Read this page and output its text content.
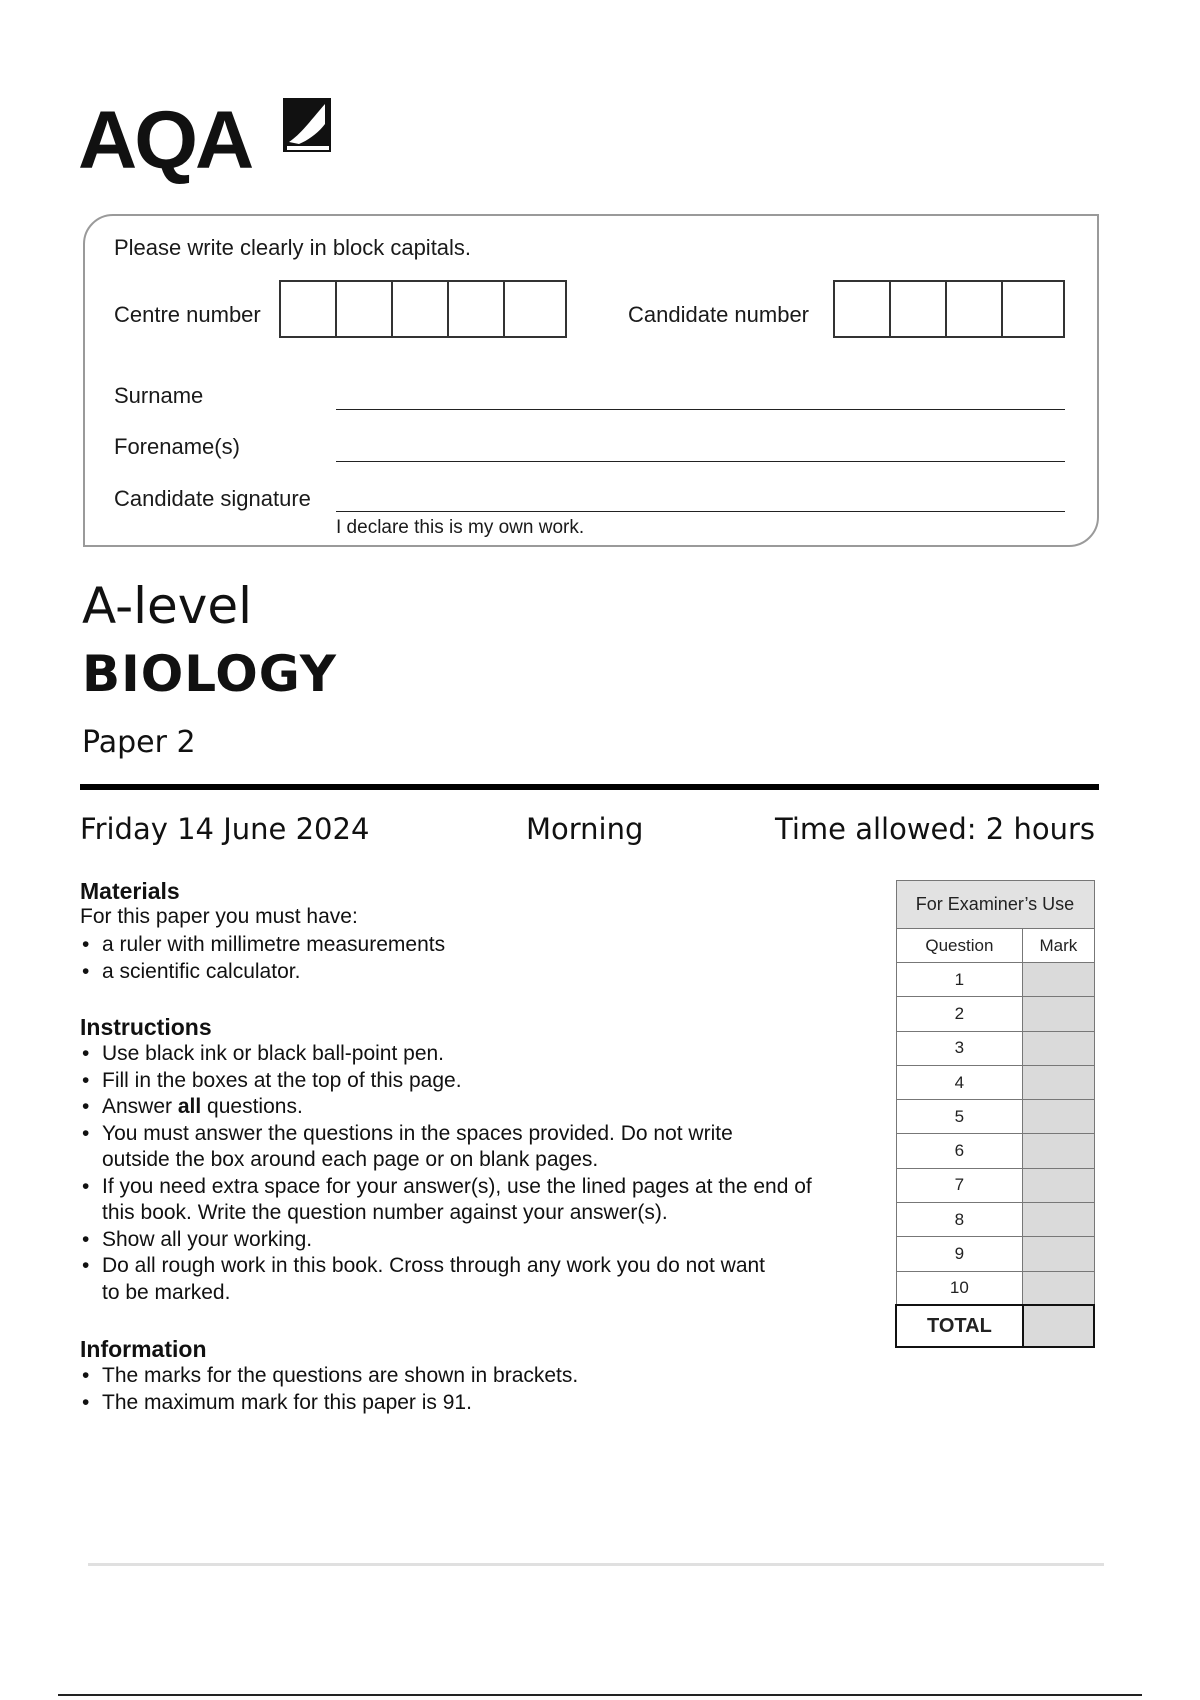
AQA
Please write clearly in block capitals.
Centre number	Candidate number
Surname
Forename(s)
Candidate signature
I declare this is my own work.
A-level
BIOLOGY
Paper 2
Friday 14 June 2024	Morning	Time allowed: 2 hours
Materials
For this paper you must have:
• a ruler with millimetre measurements
• a scientific calculator.
Instructions
• Use black ink or black ball-point pen.
• Fill in the boxes at the top of this page.
• Answer all questions.
• You must answer the questions in the spaces provided. Do not write
outside the box around each page or on blank pages.
• If you need extra space for your answer(s), use the lined pages at the end of
this book. Write the question number against your answer(s).
• Show all your working.
• Do all rough work in this book. Cross through any work you do not want
to be marked.
Information
• The marks for the questions are shown in brackets.
• The maximum mark for this paper is 91.
For Examiner’s Use	
Question	Mark
1	
2	
3	
4	
5	
6	
7	
8	
9	
10	
TOTAL	
